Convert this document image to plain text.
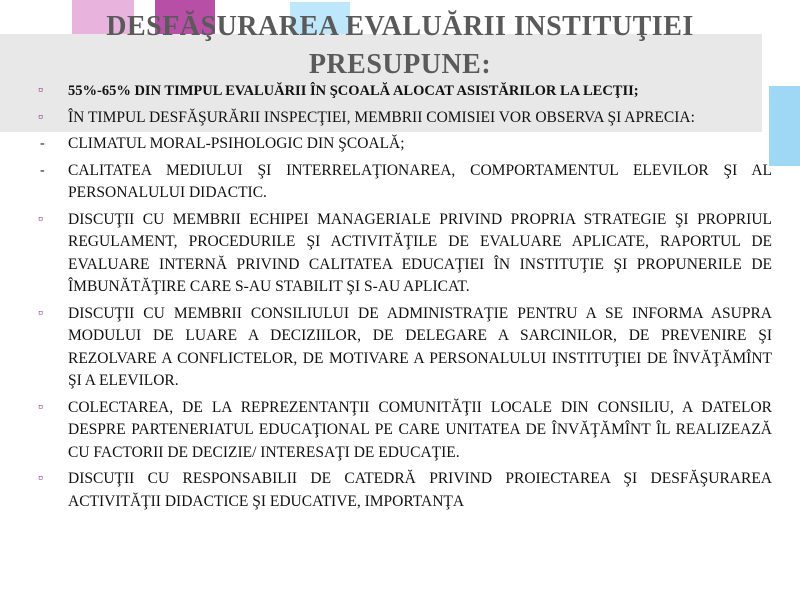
DESFĂŞURAREA EVALUĂRII INSTITUŢIEI PRESUPUNE:
▫ 55%-65% DIN TIMPUL EVALUĂRII ÎN ŞCOALĂ ALOCAT ASISTĂRILOR LA LECŢII;
▫ ÎN TIMPUL DESFĂŞURĂRII INSPECŢIEI, MEMBRII COMISIEI VOR OBSERVA ŞI APRECIA:
- CLIMATUL MORAL-PSIHOLOGIC DIN ŞCOALĂ;
- CALITATEA MEDIULUI ŞI INTERRELAŢIONAREA, COMPORTAMENTUL ELEVILOR ŞI AL PERSONALULUI DIDACTIC.
▫ DISCUŢII CU MEMBRII ECHIPEI MANAGERIALE PRIVIND PROPRIA STRATEGIE ŞI PROPRIUL REGULAMENT, PROCEDURILE ŞI ACTIVITĂŢILE DE EVALUARE APLICATE, RAPORTUL DE EVALUARE INTERNĂ PRIVIND CALITATEA EDUCAŢIEI ÎN INSTITUŢIE ŞI PROPUNERILE DE ÎMBUNĂTĂŢIRE CARE S-AU STABILIT ŞI S-AU APLICAT.
▫ DISCUŢII CU MEMBRII CONSILIULUI DE ADMINISTRAŢIE PENTRU A SE INFORMA ASUPRA MODULUI DE LUARE A DECIZIILOR, DE DELEGARE A SARCINILOR, DE PREVENIRE ŞI REZOLVARE A CONFLICTELOR, DE MOTIVARE A PERSONALULUI INSTITUŢIEI DE ÎNVĂŢĂMÎNT ŞI A ELEVILOR.
▫ COLECTAREA, DE LA REPREZENTANŢII COMUNITĂŢII LOCALE DIN CONSILIU, A DATELOR DESPRE PARTENERIATUL EDUCAŢIONAL PE CARE UNITATEA DE ÎNVĂŢĂMÎNT ÎL REALIZEAZĂ CU FACTORII DE DECIZIE/ INTERESAŢI DE EDUCAŢIE.
▫ DISCUŢII CU RESPONSABILII DE CATEDRĂ PRIVIND PROIECTAREA ŞI DESFĂŞURAREA ACTIVITĂŢII DIDACTICE ŞI EDUCATIVE, IMPORTANŢA
